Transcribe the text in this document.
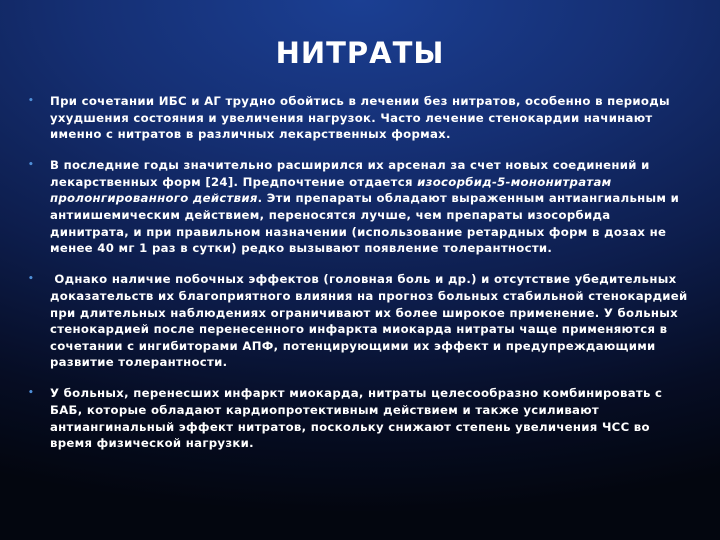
НИТРАТЫ
• При сочетании ИБС и АГ трудно обойтись в лечении без нитратов, особенно в периоды ухудшения состояния и увеличения нагрузок. Часто лечение стенокардии начинают именно с нитратов в различных лекарственных формах.
• В последние годы значительно расширился их арсенал за счет новых соединений и лекарственных форм [24]. Предпочтение отдается изосорбид-5-мононитратам пролонгированного действия. Эти препараты обладают выраженным антиангиальным и антиишемическим действием, переносятся лучше, чем препараты изосорбида динитрата, и при правильном назначении (использование ретардных форм в дозах не менее 40 мг 1 раз в сутки) редко вызывают появление толерантности.
• Однако наличие побочных эффектов (головная боль и др.) и отсутствие убедительных доказательств их благоприятного влияния на прогноз больных стабильной стенокардией при длительных наблюдениях ограничивают их более широкое применение. У больных стенокардией после перенесенного инфаркта миокарда нитраты чаще применяются в сочетании с ингибиторами АПФ, потенцирующими их эффект и предупреждающими развитие толерантности.
• У больных, перенесших инфаркт миокарда, нитраты целесообразно комбинировать с БАБ, которые обладают кардиопротективным действием и также усиливают антиангинальный эффект нитратов, поскольку снижают степень увеличения ЧСС во время физической нагрузки.
